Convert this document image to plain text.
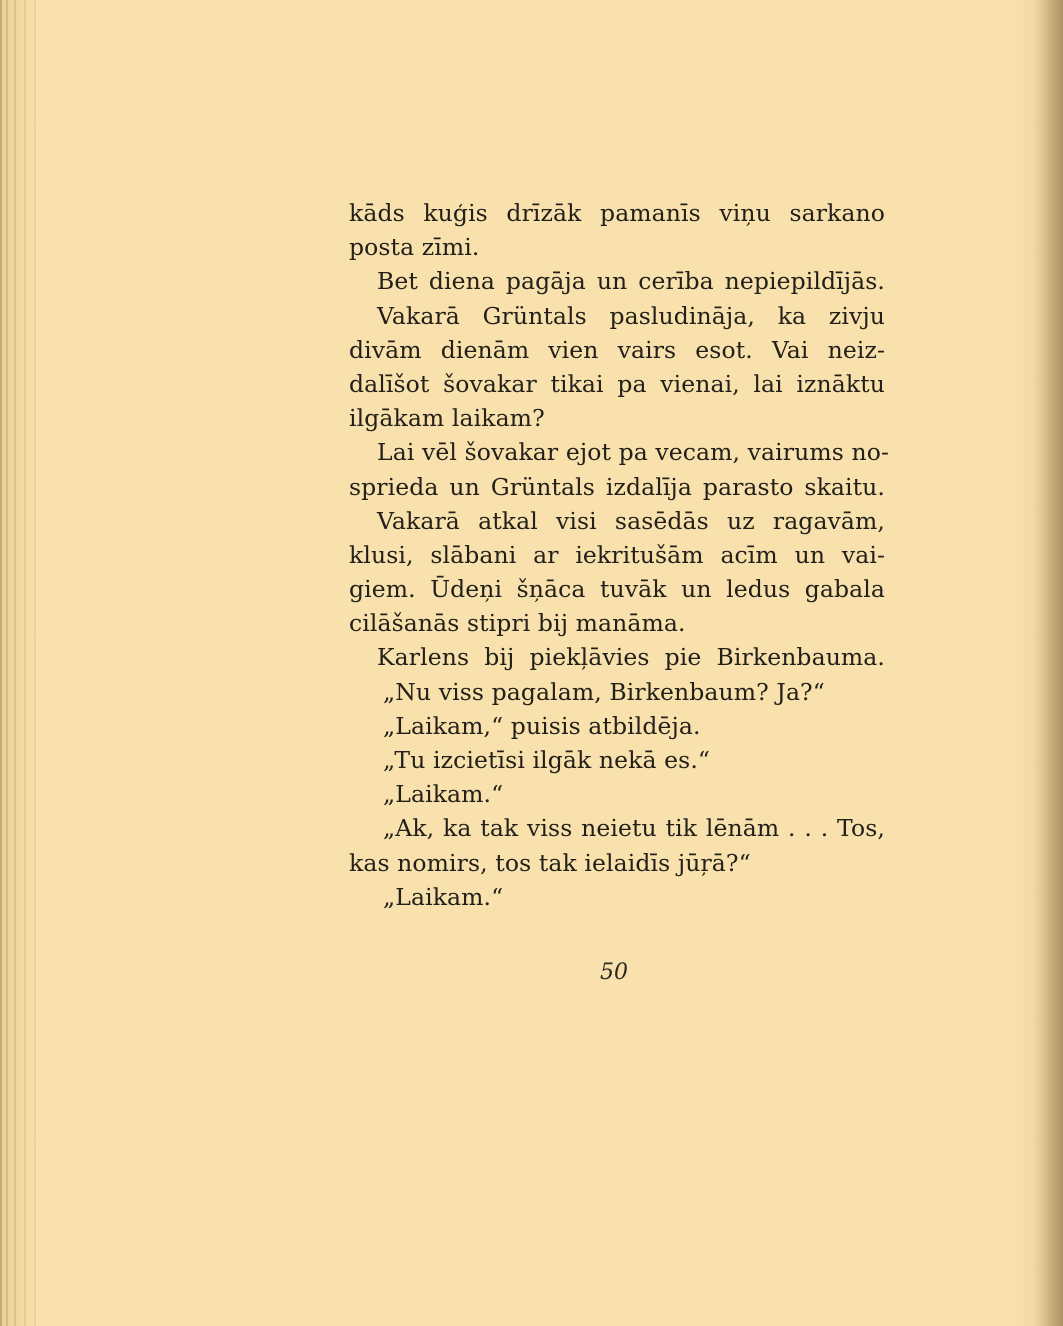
kāds kuģis drīzāk pamanīs viņu sarkano
posta zīmi.
Bet diena pagāja un cerība nepiepildījās.
Vakarā Grüntals pasludināja, ka zivju
divām dienām vien vairs esot. Vai neiz-
dalīšot šovakar tikai pa vienai, lai iznāktu
ilgākam laikam?
Lai vēl šovakar ejot pa vecam, vairums no-
sprieda un Grüntals izdalīja parasto skaitu.
Vakarā atkal visi sasēdās uz ragavām,
klusi, slābani ar iekritušām acīm un vai-
giem. Ūdeņi šņāca tuvāk un ledus gabala
cilāšanās stipri bij manāma.
Karlens bij piekļāvies pie Birkenbauma.
„Nu viss pagalam, Birkenbaum? Ja?“
„Laikam,“ puisis atbildēja.
„Tu izcietīsi ilgāk nekā es.“
„Laikam.“
„Ak, ka tak viss neietu tik lēnām . . . Tos,
kas nomirs, tos tak ielaidīs jūŗā?“
„Laikam.“
50
